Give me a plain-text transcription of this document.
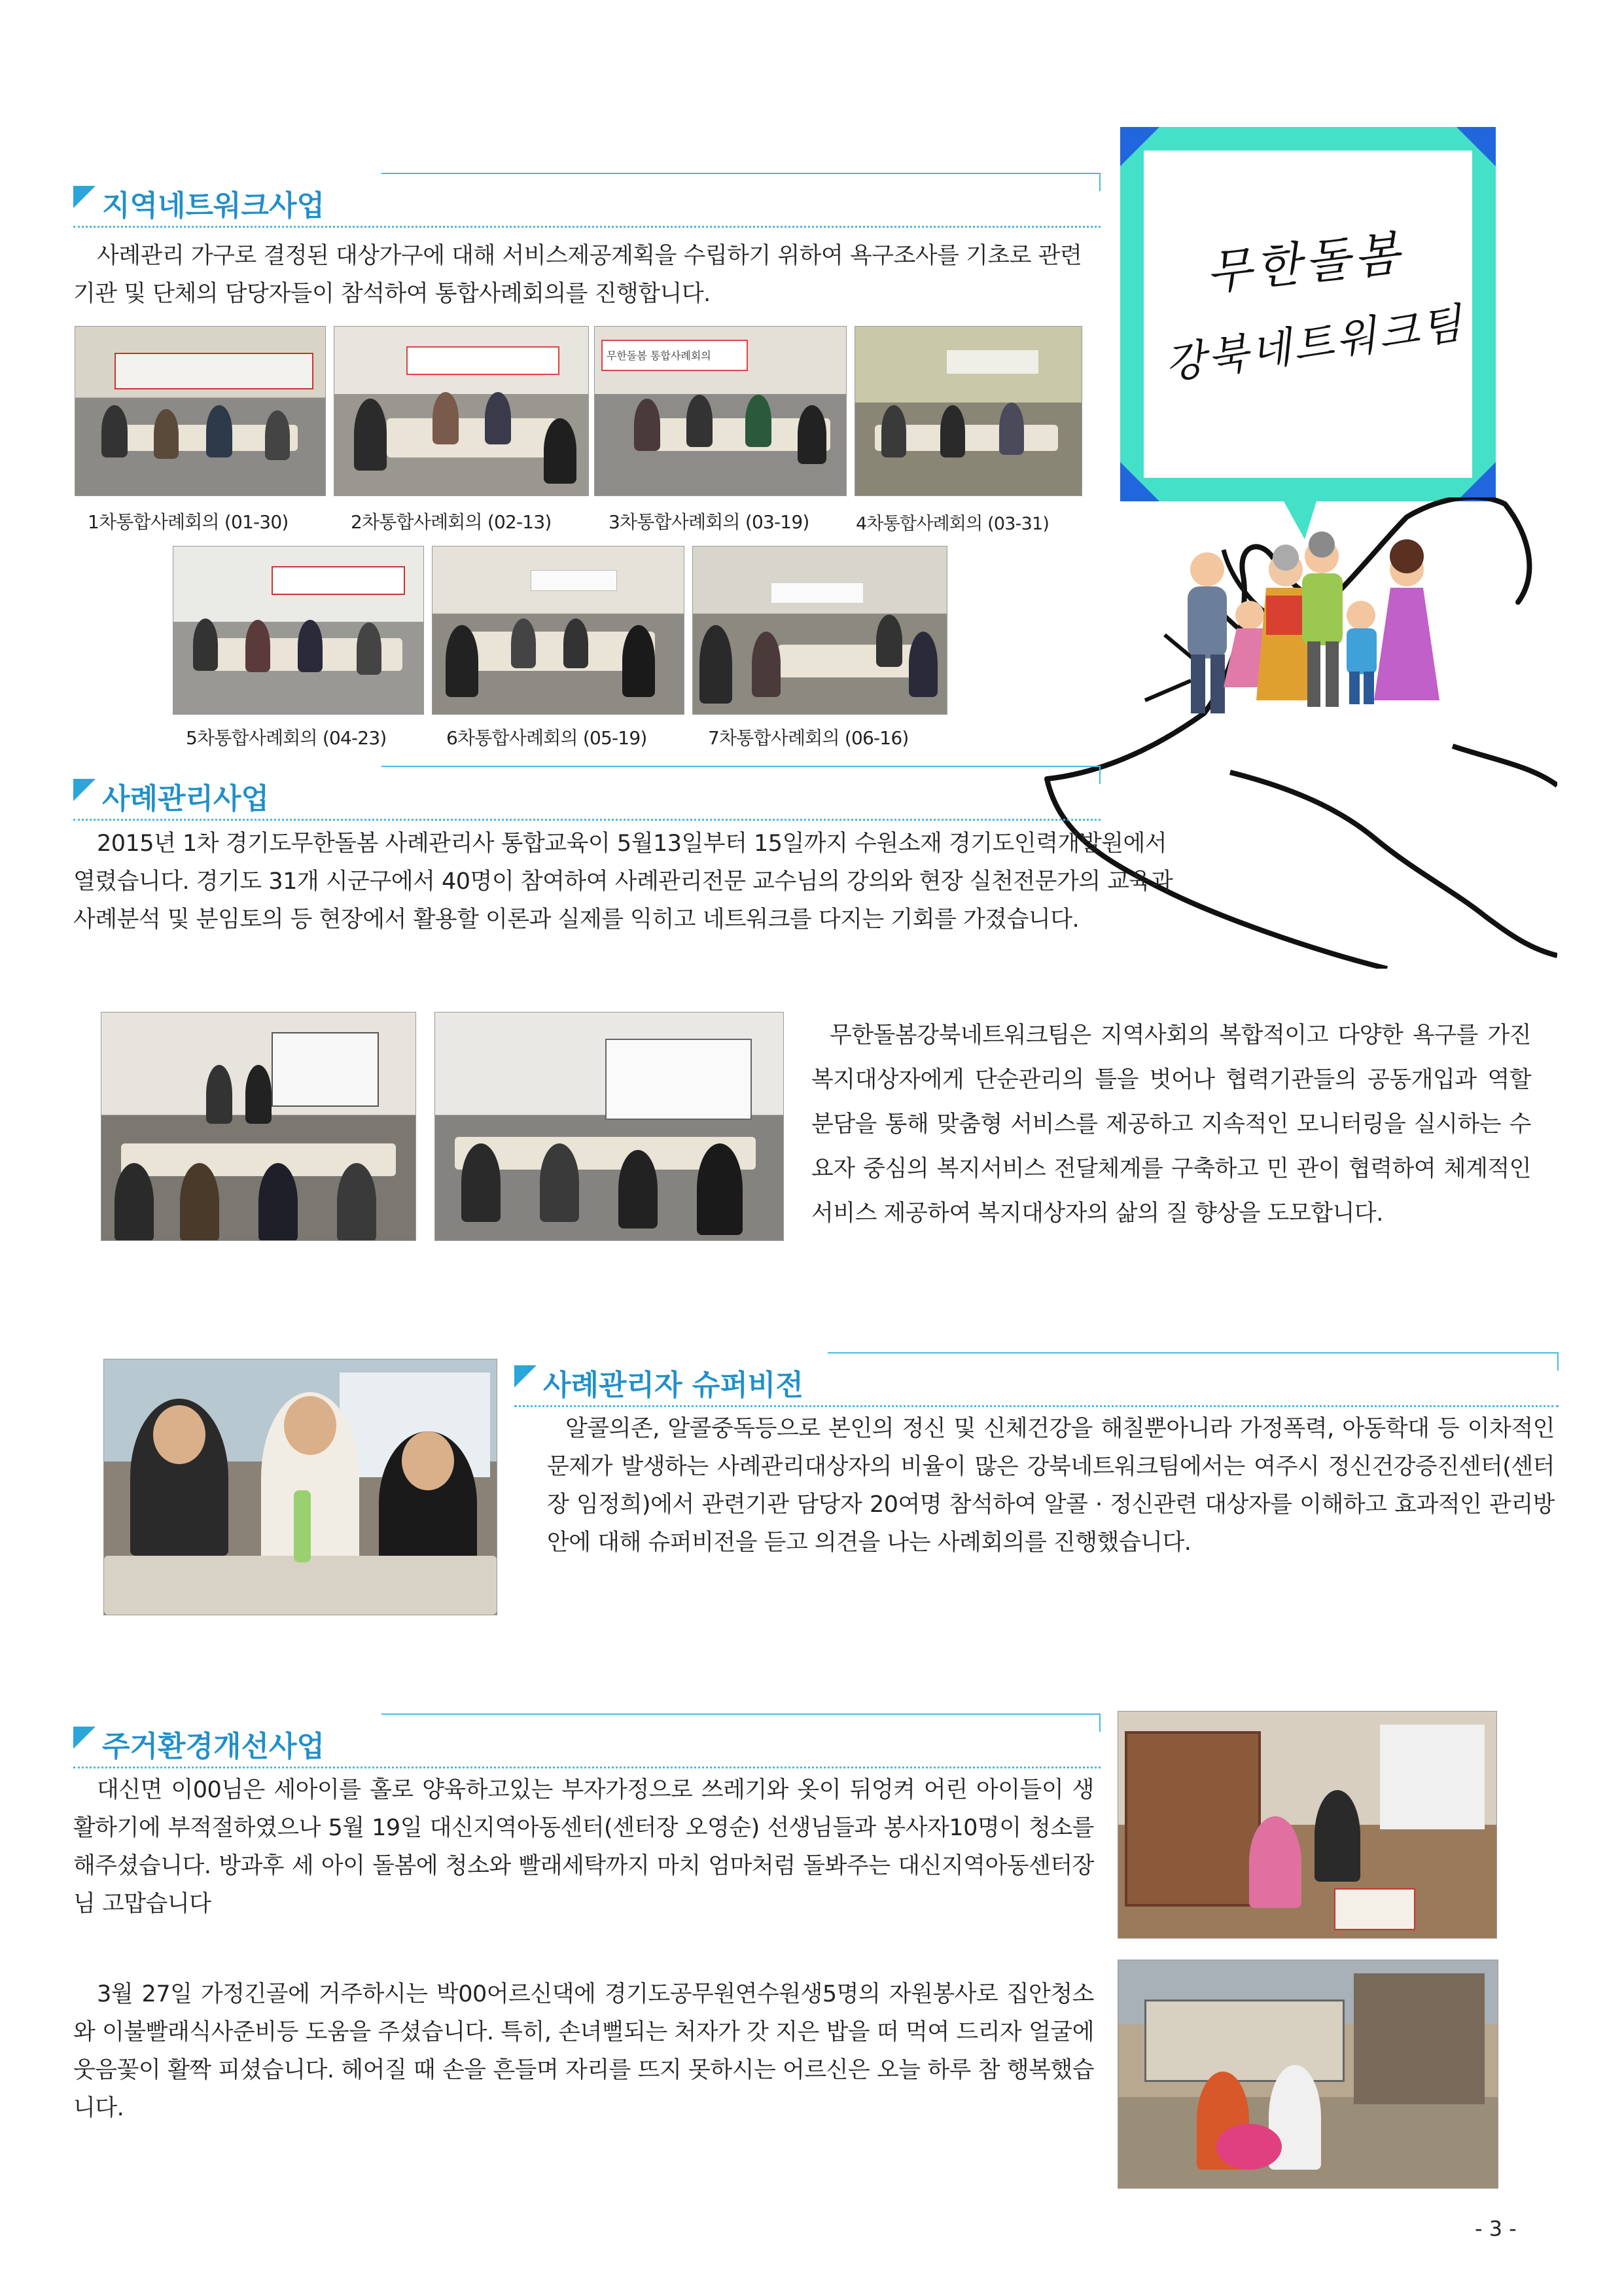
지역네트워크사업
사례관리 가구로 결정된 대상가구에 대해 서비스제공계획을 수립하기 위하여 욕구조사를 기초로 관련기관 및 단체의 담당자들이 참석하여 통합사례회의를 진행합니다.
무한돌봄 통합사례회의
1차통합사례회의 (01-30)	2차통합사례회의 (02-13)	3차통합사례회의 (03-19)	4차통합사례회의 (03-31)
5차통합사례회의 (04-23)	6차통합사례회의 (05-19)	7차통합사례회의 (06-16)
무한돌봄
강북네트워크팀
사례관리사업
2015년 1차 경기도무한돌봄 사례관리사 통합교육이 5월13일부터 15일까지 수원소재 경기도인력개발원에서 열렸습니다. 경기도 31개 시군구에서 40명이 참여하여 사례관리전문 교수님의 강의와 현장 실천전문가의 교육과 사례분석 및 분임토의 등 현장에서 활용할 이론과 실제를 익히고 네트워크를 다지는 기회를 가졌습니다.
무한돌봄강북네트워크팀은 지역사회의 복합적이고 다양한 욕구를 가진 복지대상자에게 단순관리의 틀을 벗어나 협력기관들의 공동개입과 역할 분담을 통해 맞춤형 서비스를 제공하고 지속적인 모니터링을 실시하는 수요자 중심의 복지서비스 전달체계를 구축하고 민 관이 협력하여 체계적인 서비스 제공하여 복지대상자의 삶의 질 향상을 도모합니다.
사례관리자 슈퍼비전
알콜의존, 알콜중독등으로 본인의 정신 및 신체건강을 해칠뿐아니라 가정폭력, 아동학대 등 이차적인 문제가 발생하는 사례관리대상자의 비율이 많은 강북네트워크팀에서는 여주시 정신건강증진센터(센터장 임정희)에서 관련기관 담당자 20여명 참석하여 알콜 · 정신관련 대상자를 이해하고 효과적인 관리방안에 대해 슈퍼비전을 듣고 의견을 나는 사례회의를 진행했습니다.
주거환경개선사업
대신면 이00님은 세아이를 홀로 양육하고있는 부자가정으로 쓰레기와 옷이 뒤엉켜 어린 아이들이 생활하기에 부적절하였으나 5월 19일 대신지역아동센터(센터장 오영순) 선생님들과 봉사자10명이 청소를 해주셨습니다. 방과후 세 아이 돌봄에 청소와 빨래세탁까지 마치 엄마처럼 돌봐주는 대신지역아동센터장님 고맙습니다
3월 27일 가정긴골에 거주하시는 박00어르신댁에 경기도공무원연수원생5명의 자원봉사로 집안청소와 이불빨래식사준비등 도움을 주셨습니다. 특히, 손녀뻘되는 처자가 갓 지은 밥을 떠 먹여 드리자 얼굴에 웃음꽃이 활짝 피셨습니다. 헤어질 때 손을 흔들며 자리를 뜨지 못하시는 어르신은 오늘 하루 참 행복했습니다.
- 3 -
